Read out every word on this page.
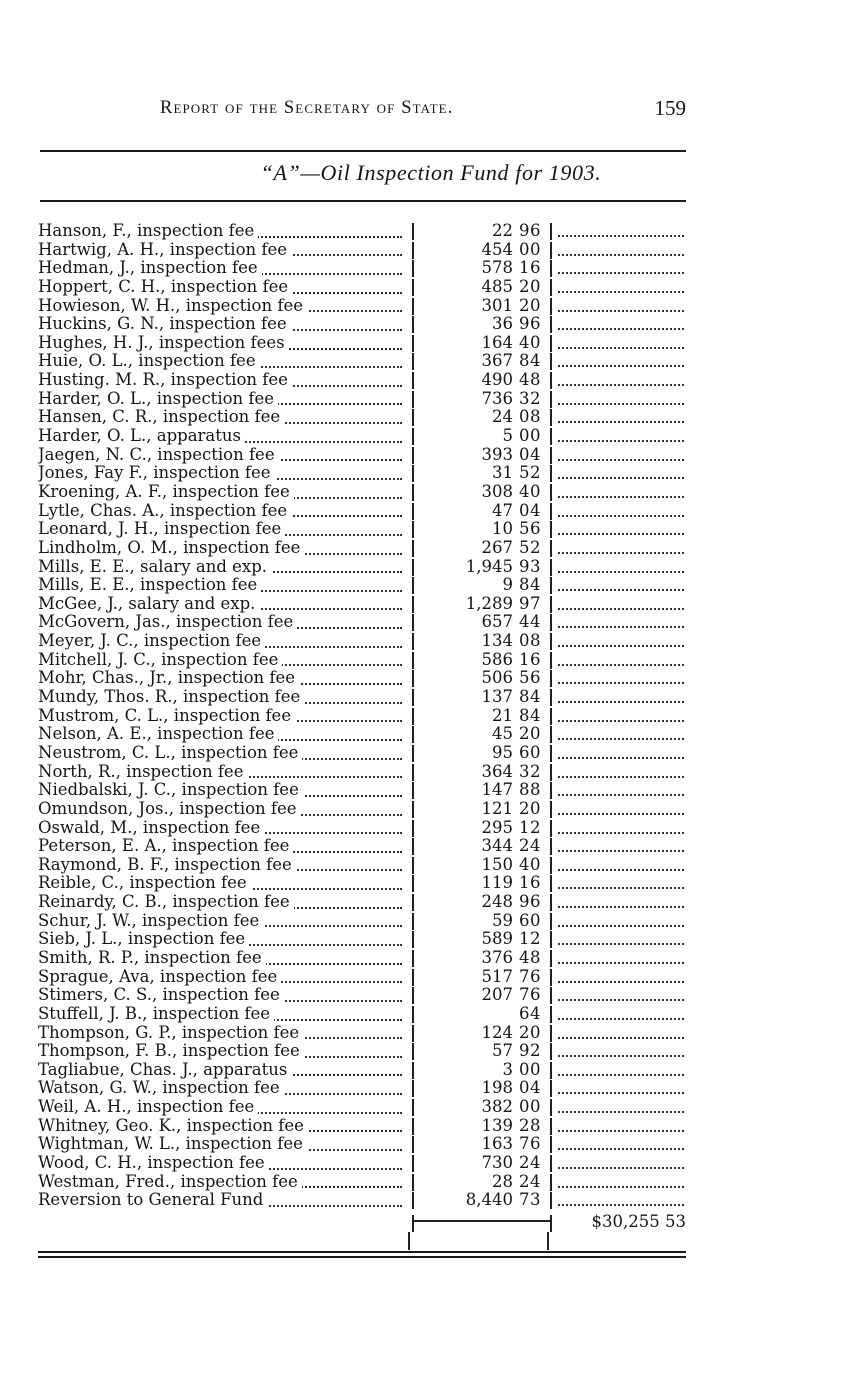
Report of the Secretary of State.	159
“A”—Oil Inspection Fund for 1903.
Hanson, F., inspection fee	22 96
Hartwig, A. H., inspection fee	454 00
Hedman, J., inspection fee	578 16
Hoppert, C. H., inspection fee	485 20
Howieson, W. H., inspection fee	301 20
Huckins, G. N., inspection fee	36 96
Hughes, H. J., inspection fees	164 40
Huie, O. L., inspection fee	367 84
Husting. M. R., inspection fee	490 48
Harder, O. L., inspection fee	736 32
Hansen, C. R., inspection fee	24 08
Harder, O. L., apparatus	5 00
Jaegen, N. C., inspection fee	393 04
Jones, Fay F., inspection fee	31 52
Kroening, A. F., inspection fee	308 40
Lytle, Chas. A., inspection fee	47 04
Leonard, J. H., inspection fee	10 56
Lindholm, O. M., inspection fee	267 52
Mills, E. E., salary and exp.	1,945 93
Mills, E. E., inspection fee	9 84
McGee, J., salary and exp.	1,289 97
McGovern, Jas., inspection fee	657 44
Meyer, J. C., inspection fee	134 08
Mitchell, J. C., inspection fee	586 16
Mohr, Chas., Jr., inspection fee	506 56
Mundy, Thos. R., inspection fee	137 84
Mustrom, C. L., inspection fee	21 84
Nelson, A. E., inspection fee	45 20
Neustrom, C. L., inspection fee	95 60
North, R., inspection fee	364 32
Niedbalski, J. C., inspection fee	147 88
Omundson, Jos., inspection fee	121 20
Oswald, M., inspection fee	295 12
Peterson, E. A., inspection fee	344 24
Raymond, B. F., inspection fee	150 40
Reible, C., inspection fee	119 16
Reinardy, C. B., inspection fee	248 96
Schur, J. W., inspection fee	59 60
Sieb, J. L., inspection fee	589 12
Smith, R. P., inspection fee	376 48
Sprague, Ava, inspection fee	517 76
Stimers, C. S., inspection fee	207 76
Stuffell, J. B., inspection fee	64
Thompson, G. P., inspection fee	124 20
Thompson, F. B., inspection fee	57 92
Tagliabue, Chas. J., apparatus	3 00
Watson, G. W., inspection fee	198 04
Weil, A. H., inspection fee	382 00
Whitney, Geo. K., inspection fee	139 28
Wightman, W. L., inspection fee	163 76
Wood, C. H., inspection fee	730 24
Westman, Fred., inspection fee	28 24
Reversion to General Fund	8,440 73
$30,255 53
